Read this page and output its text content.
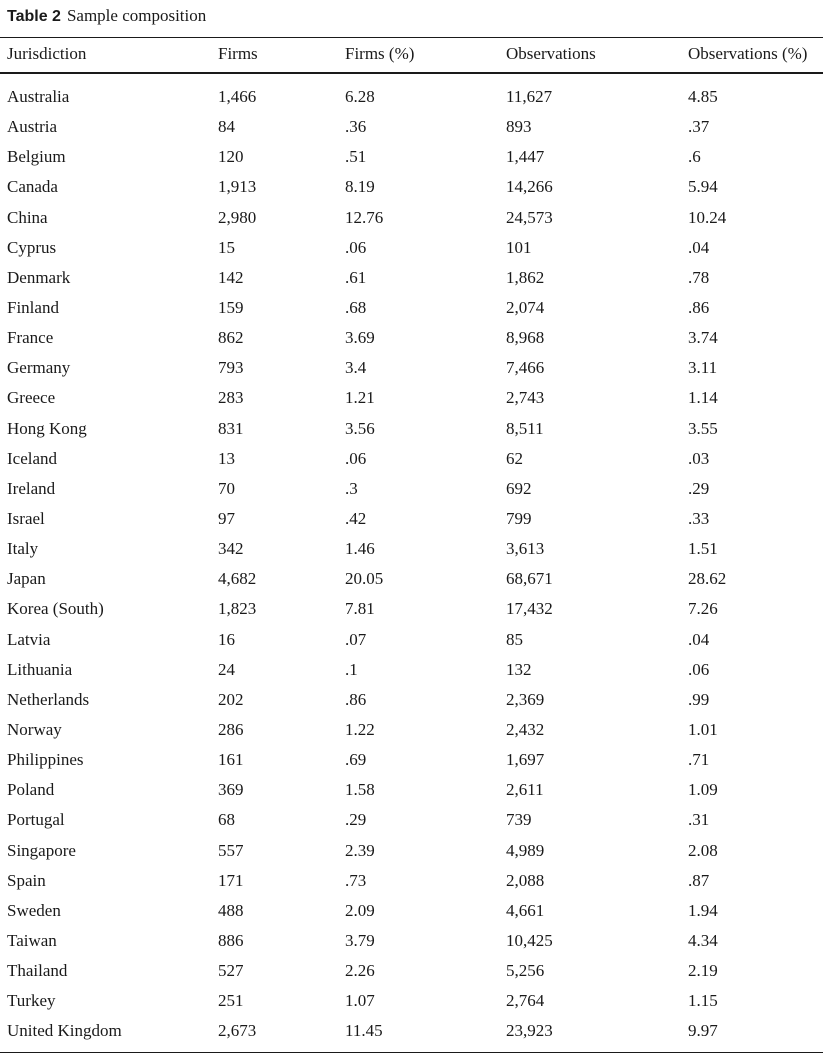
Table 2 Sample composition
Jurisdiction	Firms	Firms (%)	Observations	Observations (%)
Australia	1,466	6.28	11,627	4.85
Austria	84	.36	893	.37
Belgium	120	.51	1,447	.6
Canada	1,913	8.19	14,266	5.94
China	2,980	12.76	24,573	10.24
Cyprus	15	.06	101	.04
Denmark	142	.61	1,862	.78
Finland	159	.68	2,074	.86
France	862	3.69	8,968	3.74
Germany	793	3.4	7,466	3.11
Greece	283	1.21	2,743	1.14
Hong Kong	831	3.56	8,511	3.55
Iceland	13	.06	62	.03
Ireland	70	.3	692	.29
Israel	97	.42	799	.33
Italy	342	1.46	3,613	1.51
Japan	4,682	20.05	68,671	28.62
Korea (South)	1,823	7.81	17,432	7.26
Latvia	16	.07	85	.04
Lithuania	24	.1	132	.06
Netherlands	202	.86	2,369	.99
Norway	286	1.22	2,432	1.01
Philippines	161	.69	1,697	.71
Poland	369	1.58	2,611	1.09
Portugal	68	.29	739	.31
Singapore	557	2.39	4,989	2.08
Spain	171	.73	2,088	.87
Sweden	488	2.09	4,661	1.94
Taiwan	886	3.79	10,425	4.34
Thailand	527	2.26	5,256	2.19
Turkey	251	1.07	2,764	1.15
United Kingdom	2,673	11.45	23,923	9.97
